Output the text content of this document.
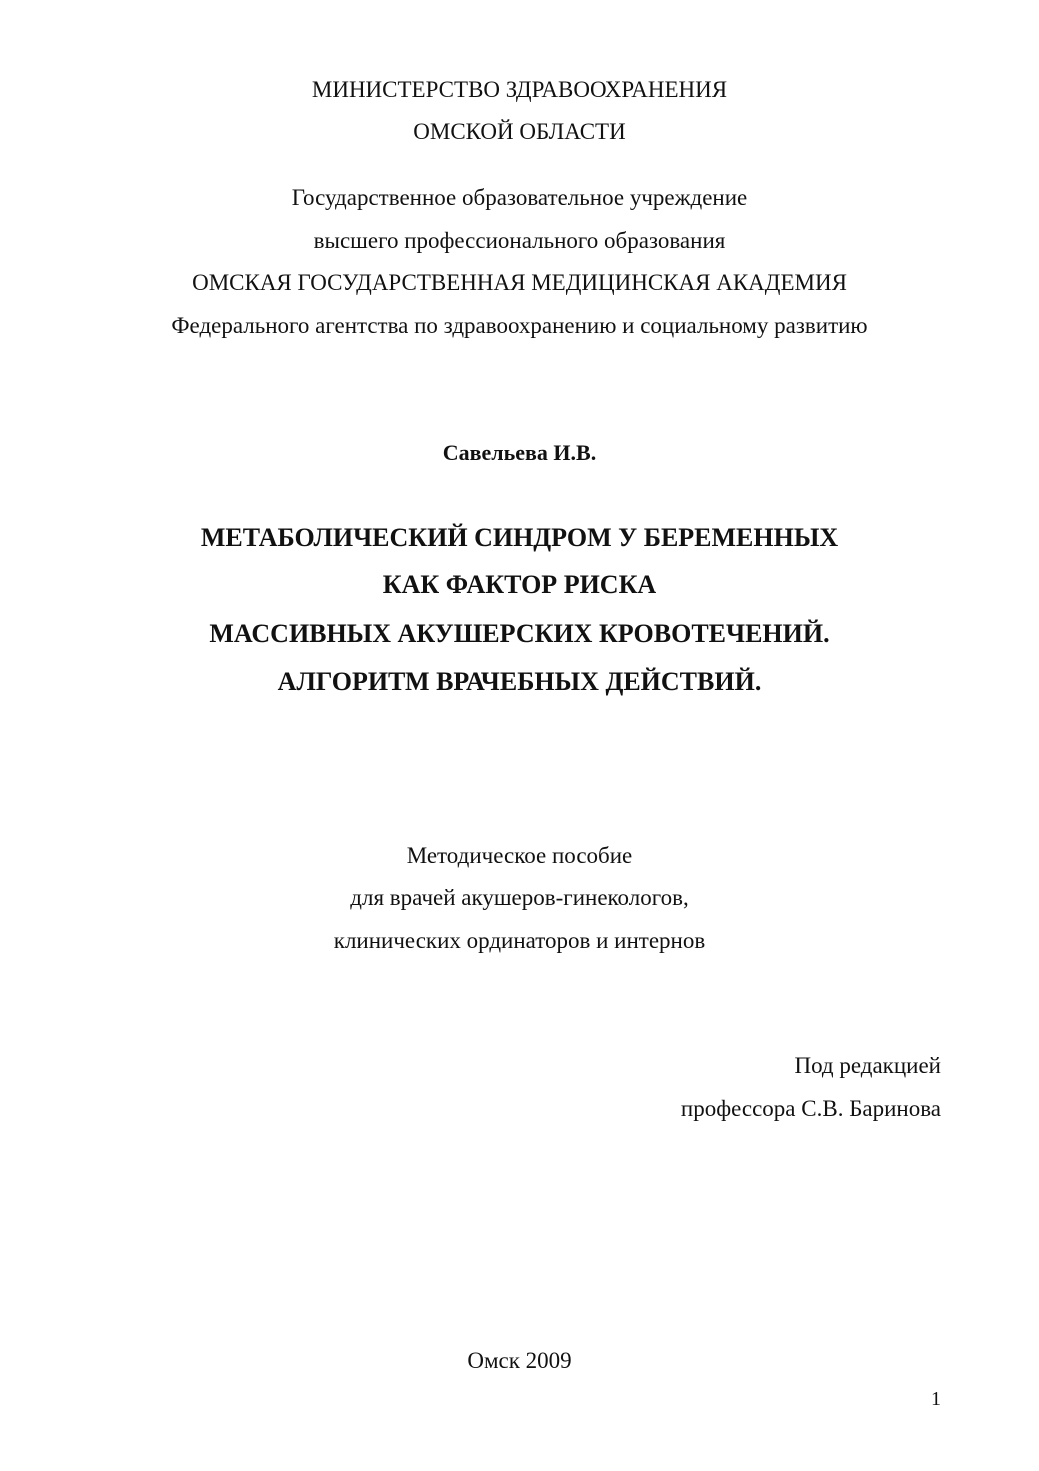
МИНИСТЕРСТВО ЗДРАВООХРАНЕНИЯ
ОМСКОЙ ОБЛАСТИ
Государственное образовательное учреждение
высшего профессионального образования
ОМСКАЯ ГОСУДАРСТВЕННАЯ МЕДИЦИНСКАЯ АКАДЕМИЯ
Федерального агентства по здравоохранению и социальному развитию
Савельева И.В.
МЕТАБОЛИЧЕСКИЙ СИНДРОМ У БЕРЕМЕННЫХ
КАК ФАКТОР РИСКА
МАССИВНЫХ АКУШЕРСКИХ КРОВОТЕЧЕНИЙ.
АЛГОРИТМ ВРАЧЕБНЫХ ДЕЙСТВИЙ.
Методическое пособие
для врачей акушеров-гинекологов,
клинических ординаторов и интернов
Под редакцией
профессора С.В. Баринова
Омск 2009
1
